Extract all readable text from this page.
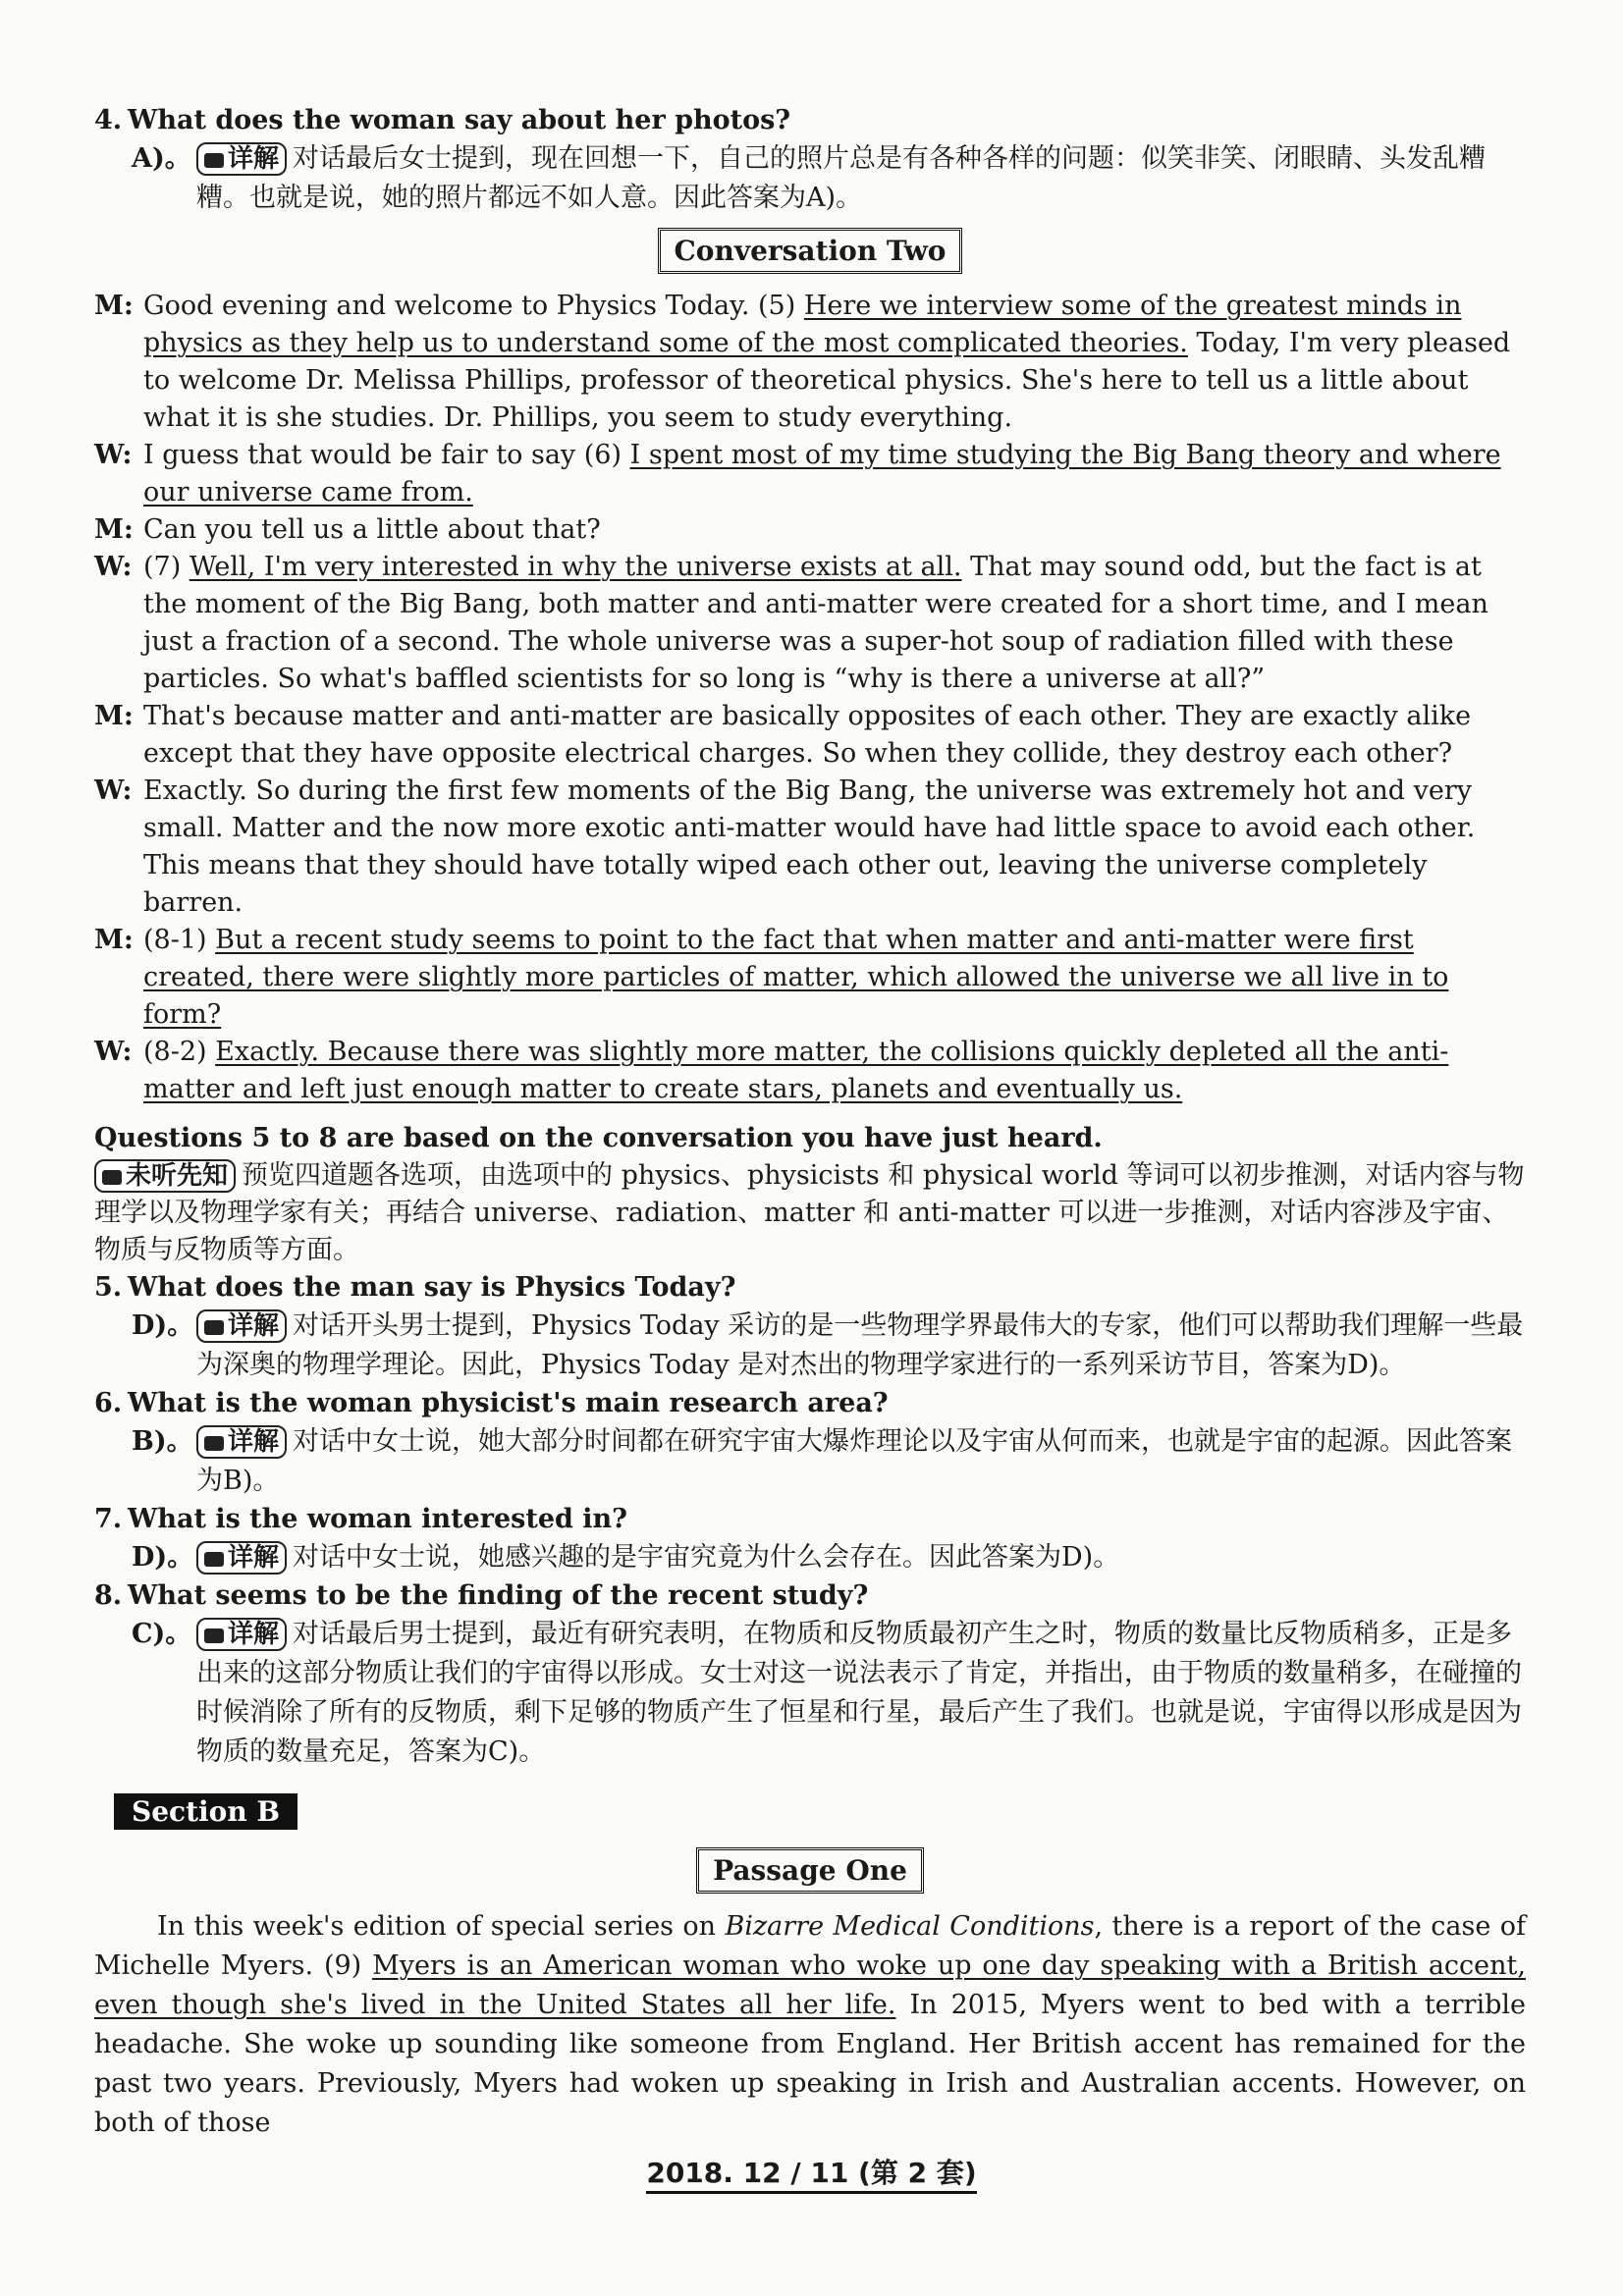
4. What does the woman say about her photos?
A)。 详解 对话最后女士提到，现在回想一下，自己的照片总是有各种各样的问题：似笑非笑、闭眼睛、头发乱糟糟。也就是说，她的照片都远不如人意。因此答案为A)。
Conversation Two

M: Good evening and welcome to Physics Today. (5) Here we interview some of the greatest minds in physics as they help us to understand some of the most complicated theories. Today, I'm very pleased to welcome Dr. Melissa Phillips, professor of theoretical physics. She's here to tell us a little about what it is she studies. Dr. Phillips, you seem to study everything.

W: I guess that would be fair to say (6) I spent most of my time studying the Big Bang theory and where our universe came from.

M: Can you tell us a little about that?

W: (7) Well, I'm very interested in why the universe exists at all. That may sound odd, but the fact is at the moment of the Big Bang, both matter and anti-matter were created for a short time, and I mean just a fraction of a second. The whole universe was a super-hot soup of radiation filled with these particles. So what's baffled scientists for so long is “why is there a universe at all?”

M: That's because matter and anti-matter are basically opposites of each other. They are exactly alike except that they have opposite electrical charges. So when they collide, they destroy each other?

W: Exactly. So during the first few moments of the Big Bang, the universe was extremely hot and very small. Matter and the now more exotic anti-matter would have had little space to avoid each other. This means that they should have totally wiped each other out, leaving the universe completely barren.

M: (8-1) But a recent study seems to point to the fact that when matter and anti-matter were first created, there were slightly more particles of matter, which allowed the universe we all live in to form?

W: (8-2) Exactly. Because there was slightly more matter, the collisions quickly depleted all the anti-matter and left just enough matter to create stars, planets and eventually us.

Questions 5 to 8 are based on the conversation you have just heard.

未听先知 预览四道题各选项，由选项中的 physics、physicists 和 physical world 等词可以初步推测，对话内容与物理学以及物理学家有关；再结合 universe、radiation、matter 和 anti-matter 可以进一步推测，对话内容涉及宇宙、物质与反物质等方面。

5. What does the man say is Physics Today?
D)。 详解 对话开头男士提到，Physics Today 采访的是一些物理学界最伟大的专家，他们可以帮助我们理解一些最为深奥的物理学理论。因此，Physics Today 是对杰出的物理学家进行的一系列采访节目，答案为D)。
6. What is the woman physicist's main research area?
B)。 详解 对话中女士说，她大部分时间都在研究宇宙大爆炸理论以及宇宙从何而来，也就是宇宙的起源。因此答案为B)。
7. What is the woman interested in?
D)。 详解 对话中女士说，她感兴趣的是宇宙究竟为什么会存在。因此答案为D)。
8. What seems to be the finding of the recent study?
C)。 详解 对话最后男士提到，最近有研究表明，在物质和反物质最初产生之时，物质的数量比反物质稍多，正是多出来的这部分物质让我们的宇宙得以形成。女士对这一说法表示了肯定，并指出，由于物质的数量稍多，在碰撞的时候消除了所有的反物质，剩下足够的物质产生了恒星和行星，最后产生了我们。也就是说，宇宙得以形成是因为物质的数量充足，答案为C)。
Section B
Passage One

In this week's edition of special series on Bizarre Medical Conditions, there is a report of the case of Michelle Myers. (9) Myers is an American woman who woke up one day speaking with a British accent, even though she's lived in the United States all her life. In 2015, Myers went to bed with a terrible headache. She woke up sounding like someone from England. Her British accent has remained for the past two years. Previously, Myers had woken up speaking in Irish and Australian accents. However, on both of those

2018. 12 / 11 (第 2 套)
